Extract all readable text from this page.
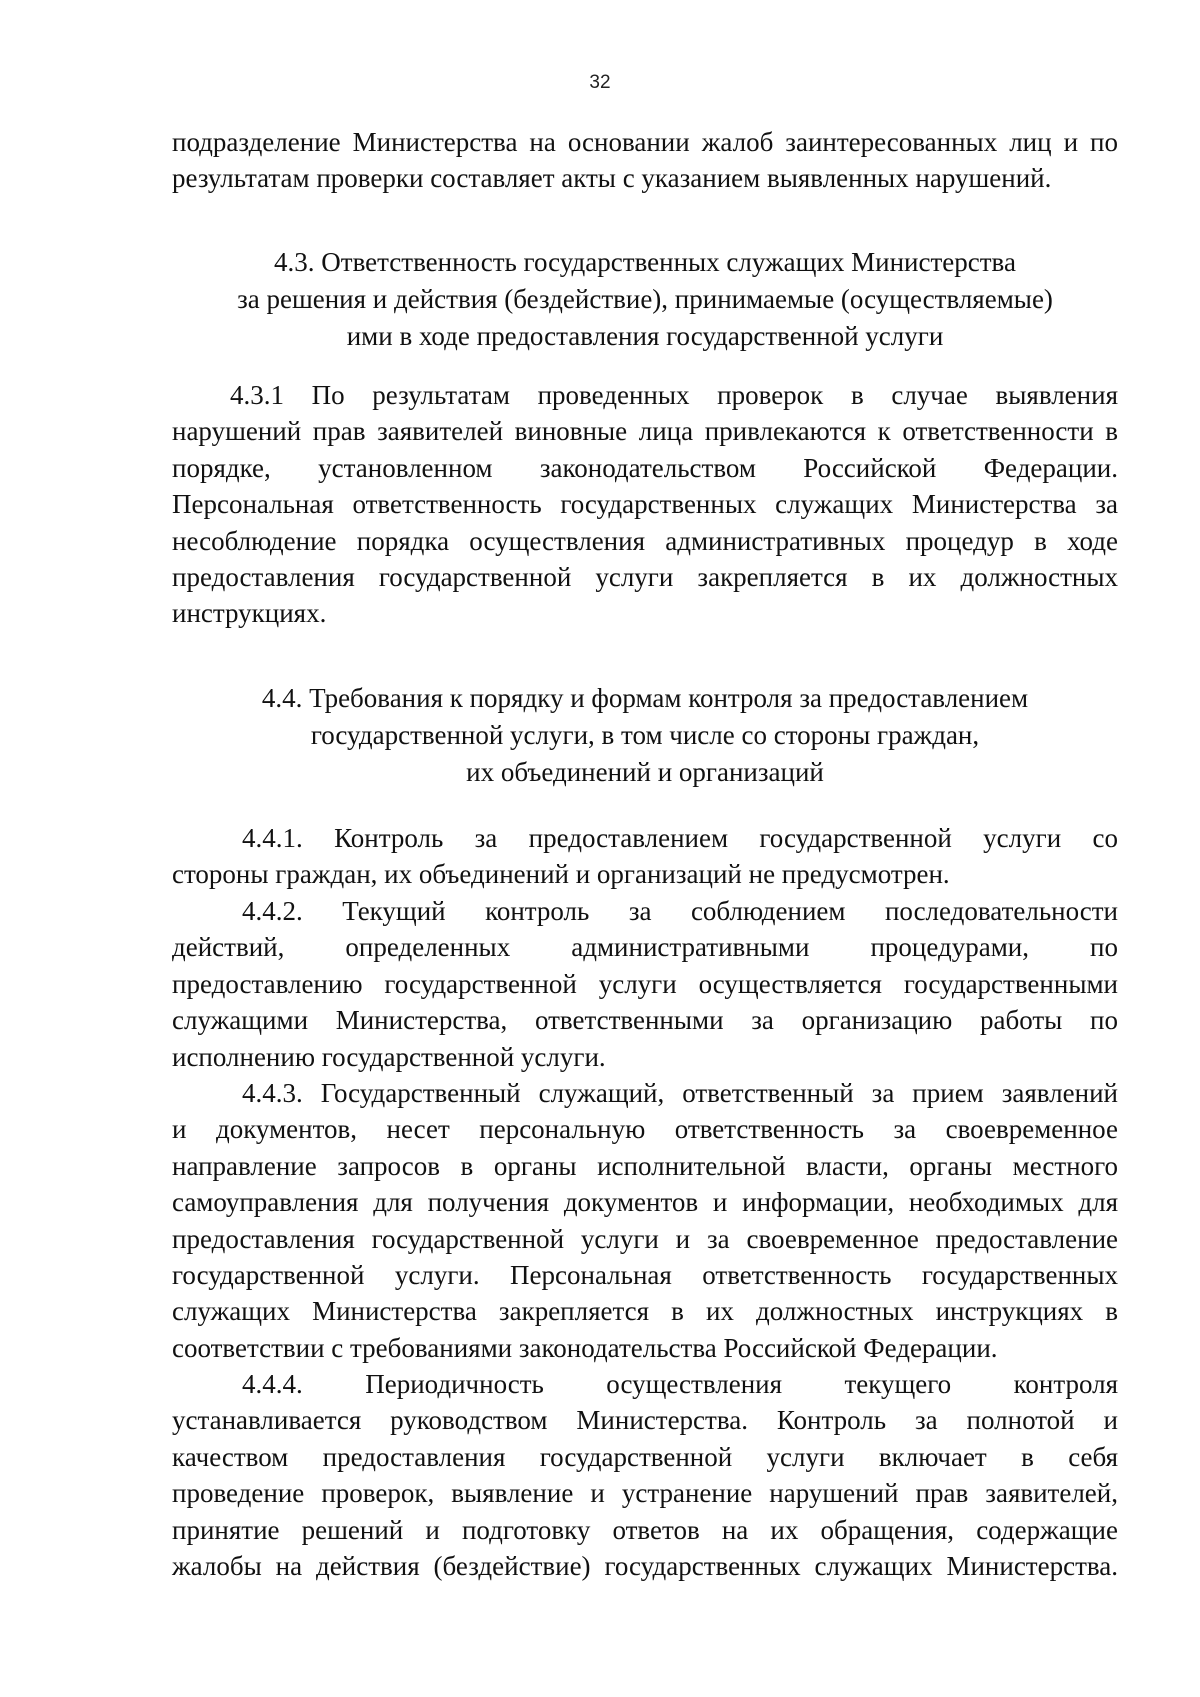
32
подразделение Министерства на основании жалоб заинтересованных лиц и по
результатам проверки составляет акты с указанием выявленных нарушений.
4.3. Ответственность государственных служащих Министерства
за решения и действия (бездействие), принимаемые (осуществляемые)
ими в ходе предоставления государственной услуги
4.3.1 По результатам проведенных проверок в случае выявления
нарушений прав заявителей виновные лица привлекаются к ответственности в
порядке, установленном законодательством Российской Федерации.
Персональная ответственность государственных служащих Министерства за
несоблюдение порядка осуществления административных процедур в ходе
предоставления государственной услуги закрепляется в их должностных
инструкциях.
4.4. Требования к порядку и формам контроля за предоставлением
государственной услуги, в том числе со стороны граждан,
их объединений и организаций
4.4.1. Контроль за предоставлением государственной услуги со
стороны граждан, их объединений и организаций не предусмотрен.
4.4.2. Текущий контроль за соблюдением последовательности
действий, определенных административными процедурами, по
предоставлению государственной услуги осуществляется государственными
служащими Министерства, ответственными за организацию работы по
исполнению государственной услуги.
4.4.3. Государственный служащий, ответственный за прием заявлений
и документов, несет персональную ответственность за своевременное
направление запросов в органы исполнительной власти, органы местного
самоуправления для получения документов и информации, необходимых для
предоставления государственной услуги и за своевременное предоставление
государственной услуги. Персональная ответственность государственных
служащих Министерства закрепляется в их должностных инструкциях в
соответствии с требованиями законодательства Российской Федерации.
4.4.4. Периодичность осуществления текущего контроля
устанавливается руководством Министерства. Контроль за полнотой и
качеством предоставления государственной услуги включает в себя
проведение проверок, выявление и устранение нарушений прав заявителей,
принятие решений и подготовку ответов на их обращения, содержащие
жалобы на действия (бездействие) государственных служащих Министерства.
